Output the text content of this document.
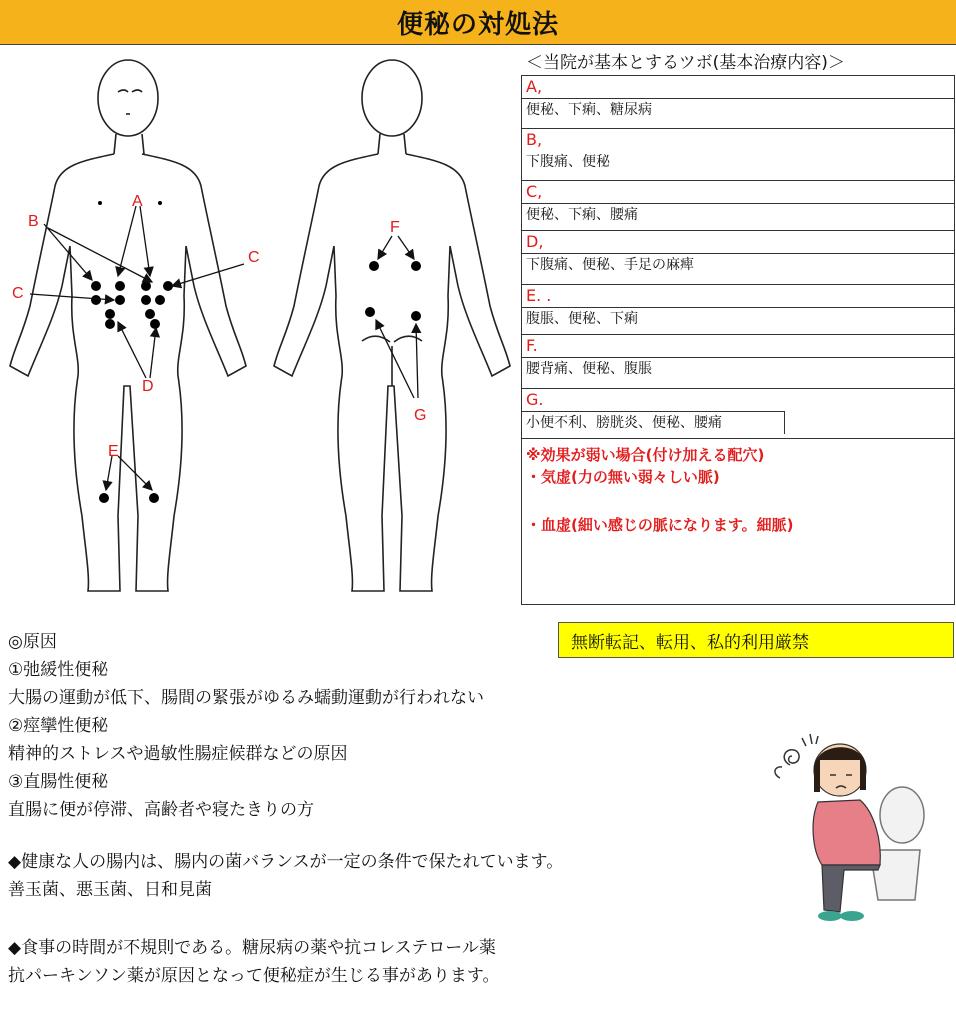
便秘の対処法
A
B
C
C
D
E
F
G
＜当院が基本とするツボ(基本治療内容)＞
A,
便秘、下痢、糖尿病
B,
下腹痛、便秘
C,
便秘、下痢、腰痛
D,
下腹痛、便秘、手足の麻痺
E. .
腹脹、便秘、下痢
F.
腰背痛、便秘、腹脹
G.
小便不利、膀胱炎、便秘、腰痛
※効果が弱い場合(付け加える配穴)
・気虚(力の無い弱々しい脈)
・血虚(細い感じの脈になります。細脈)
無断転記、転用、私的利用厳禁
◎原因
①弛緩性便秘
大腸の運動が低下、腸間の緊張がゆるみ蠕動運動が行われない
②痙攣性便秘
精神的ストレスや過敏性腸症候群などの原因
③直腸性便秘
直腸に便が停滞、高齢者や寝たきりの方
◆健康な人の腸内は、腸内の菌バランスが一定の条件で保たれています。
善玉菌、悪玉菌、日和見菌
◆食事の時間が不規則である。糖尿病の薬や抗コレステロール薬
抗パーキンソン薬が原因となって便秘症が生じる事があります。
